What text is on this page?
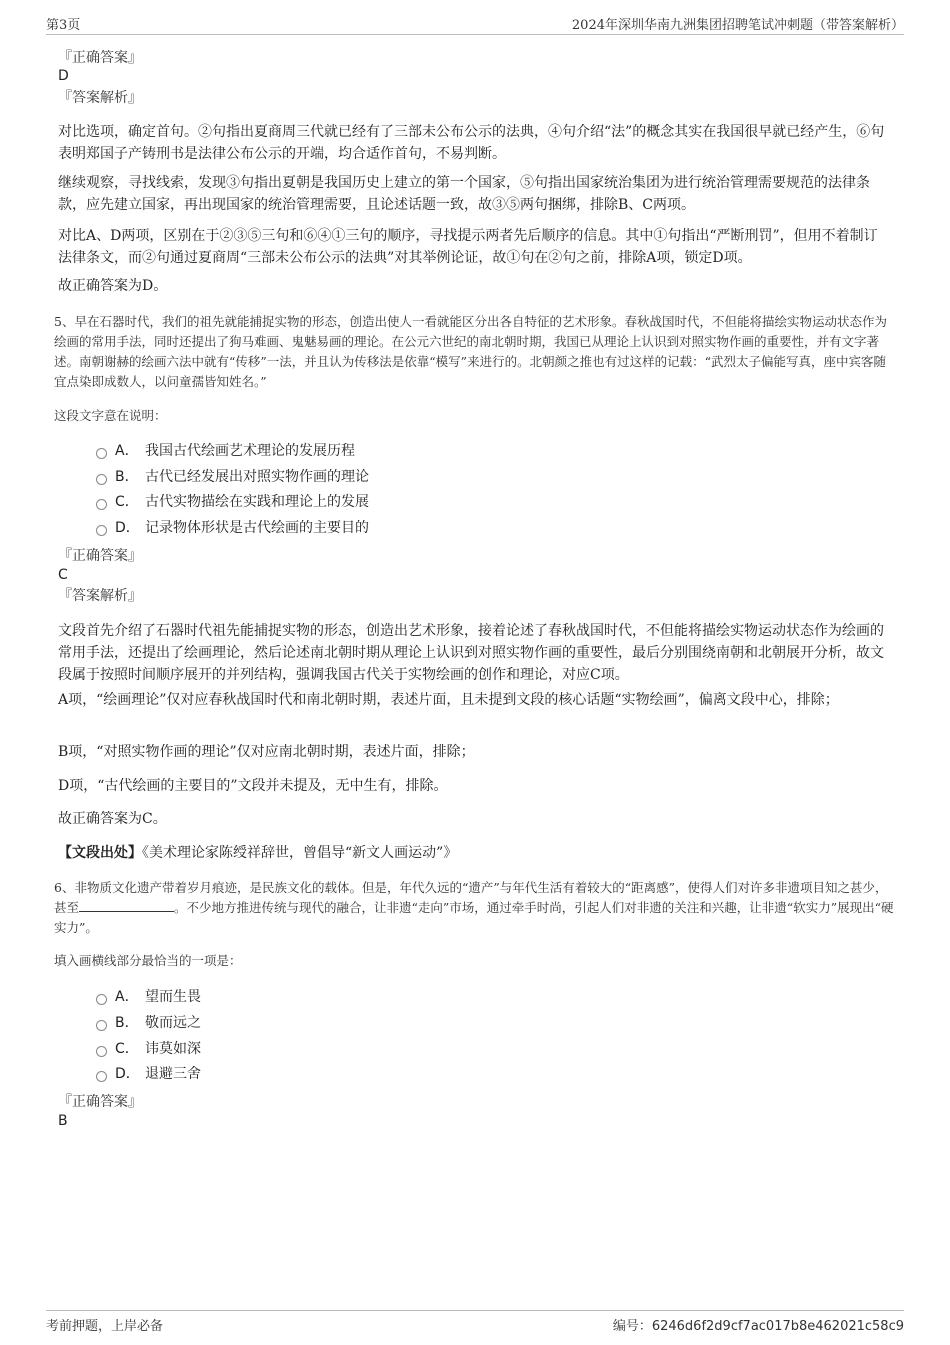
第3页	2024年深圳华南九洲集团招聘笔试冲刺题（带答案解析）
『正确答案』
D
『答案解析』
对比选项，确定首句。②句指出夏商周三代就已经有了三部未公布公示的法典，④句介绍“法”的概念其实在我国很早就已经产生，⑥句表明郑国子产铸刑书是法律公布公示的开端，均合适作首句，不易判断。
继续观察，寻找线索，发现③句指出夏朝是我国历史上建立的第一个国家，⑤句指出国家统治集团为进行统治管理需要规范的法律条款，应先建立国家，再出现国家的统治管理需要，且论述话题一致，故③⑤两句捆绑，排除B、C两项。
对比A、D两项，区别在于②③⑤三句和⑥④①三句的顺序，寻找提示两者先后顺序的信息。其中①句指出“严断刑罚”，但用不着制订法律条文，而②句通过夏商周“三部未公布公示的法典”对其举例论证，故①句在②句之前，排除A项，锁定D项。
故正确答案为D。
5、早在石器时代，我们的祖先就能捕捉实物的形态，创造出使人一看就能区分出各自特征的艺术形象。春秋战国时代，不但能将描绘实物运动状态作为绘画的常用手法，同时还提出了狗马难画、鬼魅易画的理论。在公元六世纪的南北朝时期，我国已从理论上认识到对照实物作画的重要性，并有文字著述。南朝谢赫的绘画六法中就有“传移”一法，并且认为传移法是依靠“模写”来进行的。北朝颜之推也有过这样的记载：“武烈太子偏能写真，座中宾客随宜点染即成数人，以问童孺皆知姓名。”
这段文字意在说明：
A． 我国古代绘画艺术理论的发展历程
B． 古代已经发展出对照实物作画的理论
C． 古代实物描绘在实践和理论上的发展
D． 记录物体形状是古代绘画的主要目的
『正确答案』
C
『答案解析』
文段首先介绍了石器时代祖先能捕捉实物的形态，创造出艺术形象，接着论述了春秋战国时代，不但能将描绘实物运动状态作为绘画的常用手法，还提出了绘画理论，然后论述南北朝时期从理论上认识到对照实物作画的重要性，最后分别围绕南朝和北朝展开分析，故文段属于按照时间顺序展开的并列结构，强调我国古代关于实物绘画的创作和理论，对应C项。
A项，“绘画理论”仅对应春秋战国时代和南北朝时期，表述片面，且未提到文段的核心话题“实物绘画”，偏离文段中心，排除；
B项，“对照实物作画的理论”仅对应南北朝时期，表述片面，排除；
D项，“古代绘画的主要目的”文段并未提及，无中生有，排除。
故正确答案为C。
【文段出处】《美术理论家陈绶祥辞世，曾倡导“新文人画运动”》
6、非物质文化遗产带着岁月痕迹，是民族文化的载体。但是，年代久远的“遗产”与年代生活有着较大的“距离感”，使得人们对许多非遗项目知之甚少，甚至	。不少地方推进传统与现代的融合，让非遗“走向”市场，通过牵手时尚，引起人们对非遗的关注和兴趣，让非遗“软实力”展现出“硬实力”。
填入画横线部分最恰当的一项是：
A． 望而生畏
B． 敬而远之
C． 讳莫如深
D． 退避三舍
『正确答案』
B
考前押题，上岸必备	编号：6246d6f2d9cf7ac017b8e462021c58c9
